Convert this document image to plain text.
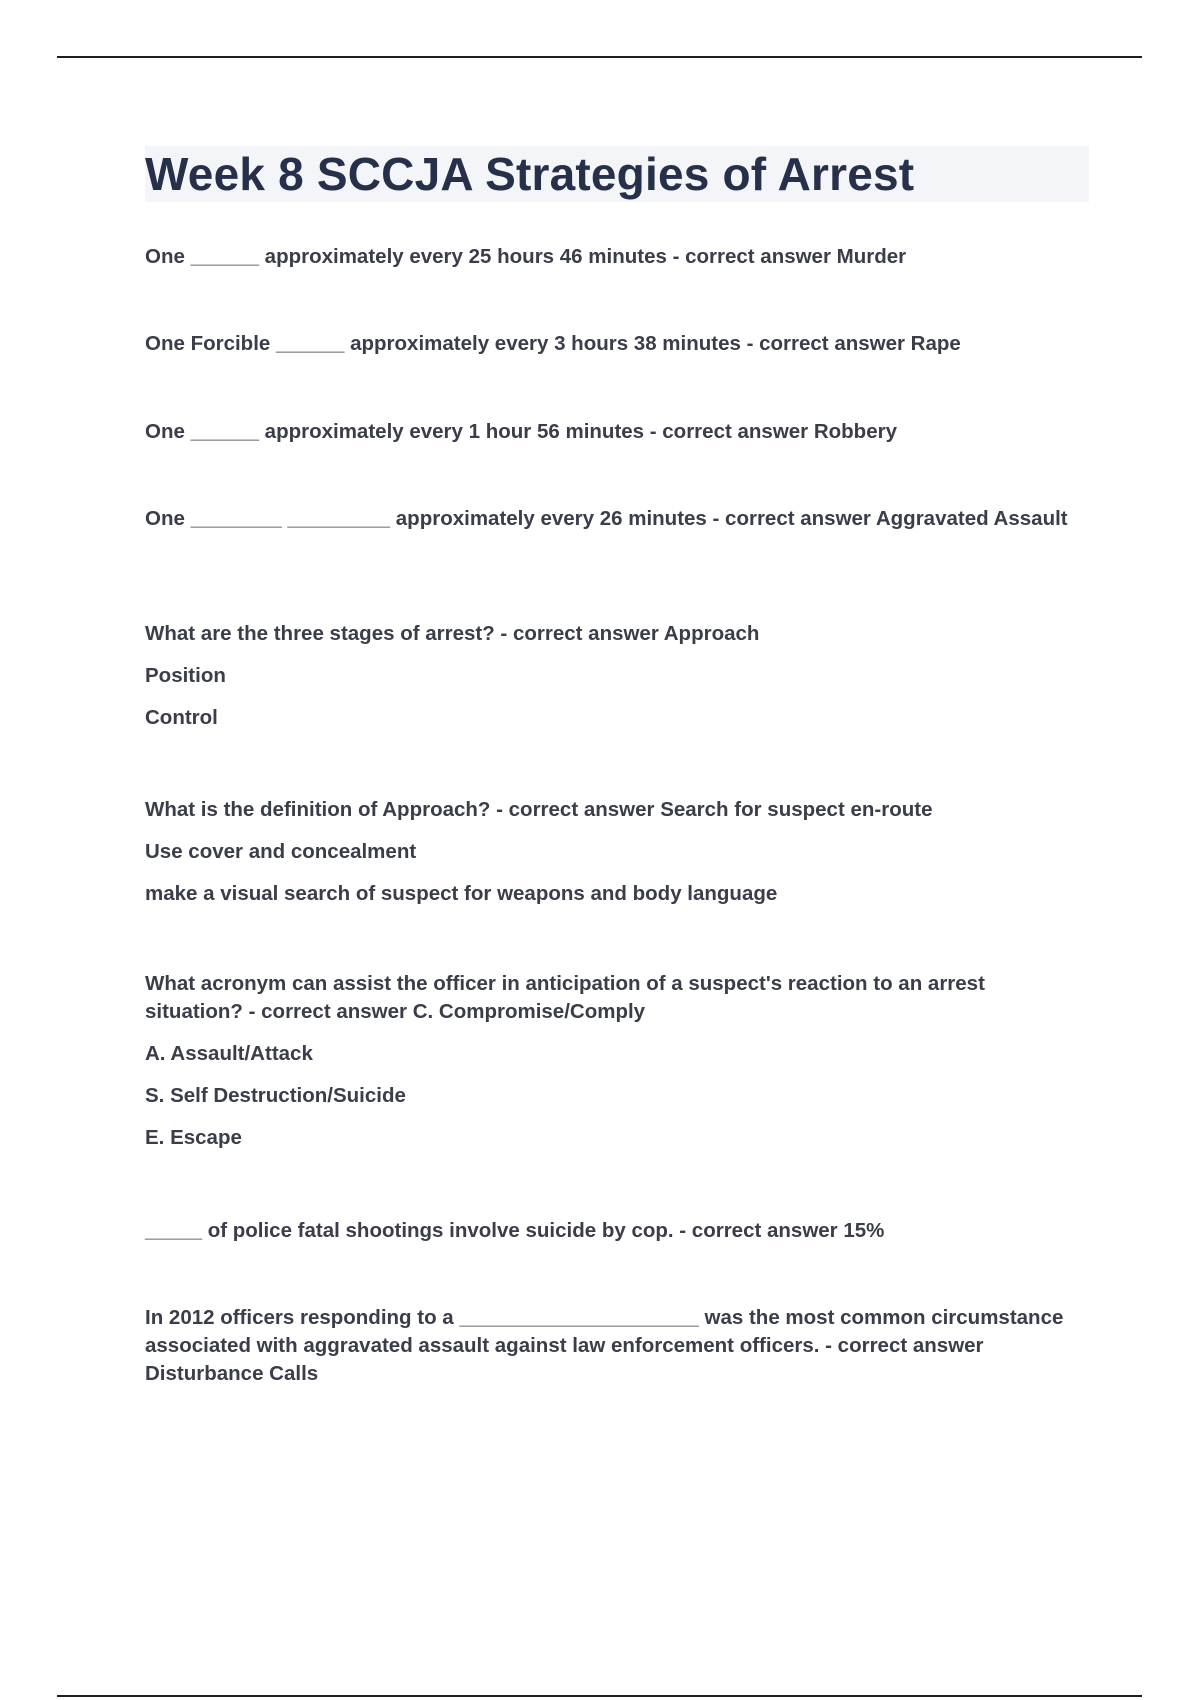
Week 8 SCCJA Strategies of Arrest

One ______ approximately every 25 hours 46 minutes - correct answer Murder

One Forcible ______ approximately every 3 hours 38 minutes - correct answer Rape

One ______ approximately every 1 hour 56 minutes - correct answer Robbery

One ________ _________ approximately every 26 minutes - correct answer Aggravated Assault

What are the three stages of arrest? - correct answer Approach

Position

Control

What is the definition of Approach? - correct answer Search for suspect en-route

Use cover and concealment

make a visual search of suspect for weapons and body language

What acronym can assist the officer in anticipation of a suspect's reaction to an arrest situation? - correct answer C. Compromise/Comply

A. Assault/Attack

S. Self Destruction/Suicide

E. Escape

_____ of police fatal shootings involve suicide by cop. - correct answer 15%

In 2012 officers responding to a _____________________ was the most common circumstance associated with aggravated assault against law enforcement officers. - correct answer Disturbance Calls
